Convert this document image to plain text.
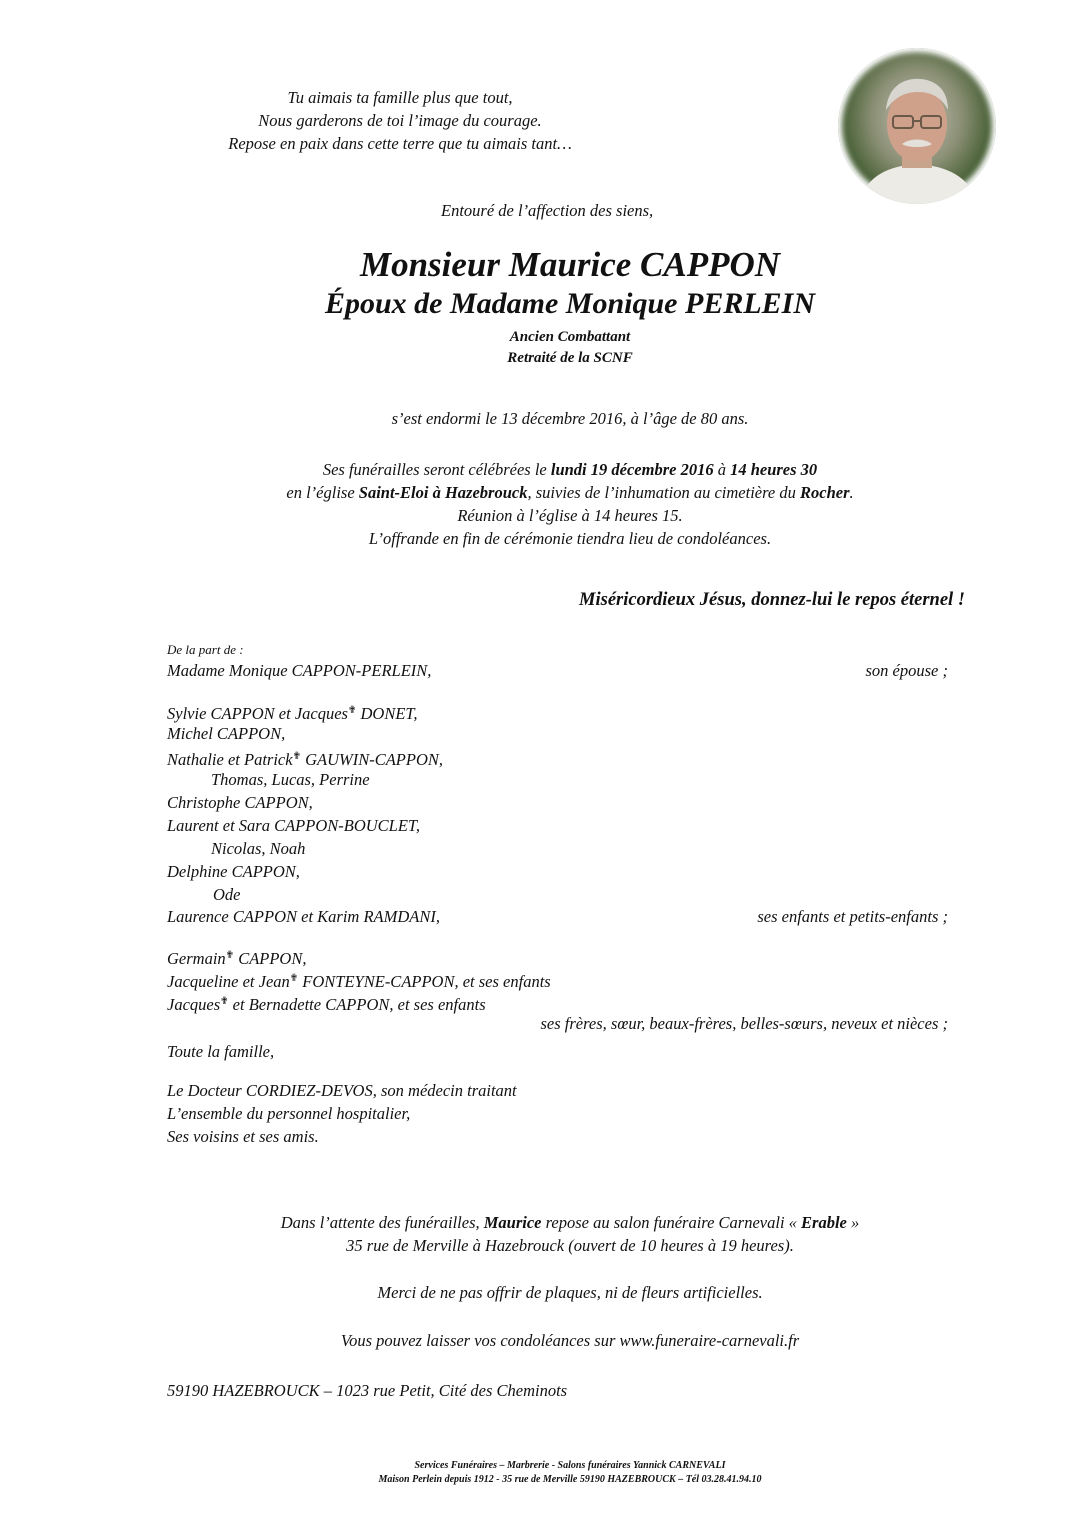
Tu aimais ta famille plus que tout,
Nous garderons de toi l’image du courage.
Repose en paix dans cette terre que tu aimais tant…
Entouré de l’affection des siens,
Monsieur Maurice CAPPON
Époux de Madame Monique PERLEIN
Ancien Combattant
Retraité de la SCNF
s’est endormi le 13 décembre 2016, à l’âge de 80 ans.
Ses funérailles seront célébrées le lundi 19 décembre 2016 à 14 heures 30
en l’église Saint-Eloi à Hazebrouck, suivies de l’inhumation au cimetière du Rocher.
Réunion à l’église à 14 heures 15.
L’offrande en fin de cérémonie tiendra lieu de condoléances.
Miséricordieux Jésus, donnez-lui le repos éternel !
De la part de :
Madame Monique CAPPON-PERLEIN,	son épouse ;
Sylvie CAPPON et Jacques✟ DONET,
Michel CAPPON,
Nathalie et Patrick✟ GAUWIN-CAPPON,
Thomas, Lucas, Perrine
Christophe CAPPON,
Laurent et Sara CAPPON-BOUCLET,
Nicolas, Noah
Delphine CAPPON,
Ode
Laurence CAPPON et Karim RAMDANI,	ses enfants et petits-enfants ;
Germain✟ CAPPON,
Jacqueline et Jean✟ FONTEYNE-CAPPON, et ses enfants
Jacques✟ et Bernadette CAPPON, et ses enfants
ses frères, sœur, beaux-frères, belles-sœurs, neveux et nièces ;
Toute la famille,
Le Docteur CORDIEZ-DEVOS, son médecin traitant
L’ensemble du personnel hospitalier,
Ses voisins et ses amis.
Dans l’attente des funérailles, Maurice repose au salon funéraire Carnevali « Erable »
35 rue de Merville à Hazebrouck (ouvert de 10 heures à 19 heures).
Merci de ne pas offrir de plaques, ni de fleurs artificielles.
Vous pouvez laisser vos condoléances sur www.funeraire-carnevali.fr
59190 HAZEBROUCK – 1023 rue Petit, Cité des Cheminots
Services Funéraires – Marbrerie - Salons funéraires Yannick CARNEVALI
Maison Perlein depuis 1912 - 35 rue de Merville 59190 HAZEBROUCK – Tél 03.28.41.94.10
